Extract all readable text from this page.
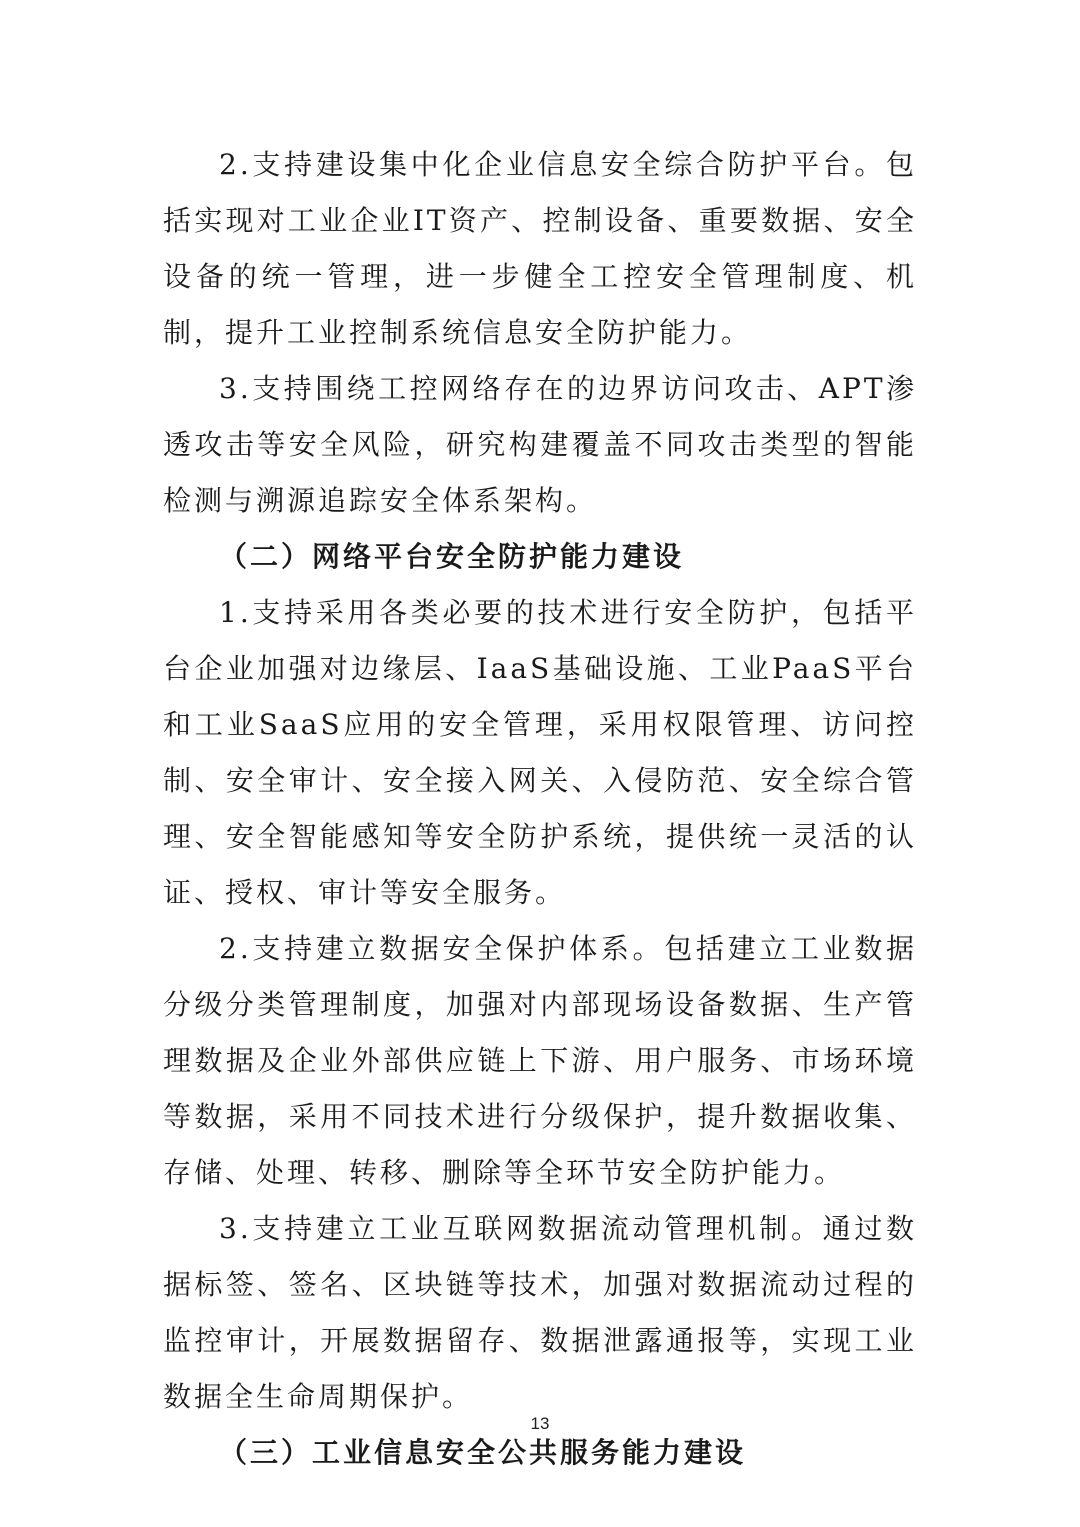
2.支持建设集中化企业信息安全综合防护平台。包括实现对工业企业IT资产、控制设备、重要数据、安全设备的统一管理，进一步健全工控安全管理制度、机制，提升工业控制系统信息安全防护能力。

3.支持围绕工控网络存在的边界访问攻击、APT渗透攻击等安全风险，研究构建覆盖不同攻击类型的智能检测与溯源追踪安全体系架构。

（二）网络平台安全防护能力建设

1.支持采用各类必要的技术进行安全防护，包括平台企业加强对边缘层、IaaS基础设施、工业PaaS平台和工业SaaS应用的安全管理，采用权限管理、访问控制、安全审计、安全接入网关、入侵防范、安全综合管理、安全智能感知等安全防护系统，提供统一灵活的认证、授权、审计等安全服务。

2.支持建立数据安全保护体系。包括建立工业数据分级分类管理制度，加强对内部现场设备数据、生产管理数据及企业外部供应链上下游、用户服务、市场环境等数据，采用不同技术进行分级保护，提升数据收集、存储、处理、转移、删除等全环节安全防护能力。

3.支持建立工业互联网数据流动管理机制。通过数据标签、签名、区块链等技术，加强对数据流动过程的监控审计，开展数据留存、数据泄露通报等，实现工业数据全生命周期保护。

（三）工业信息安全公共服务能力建设

13
